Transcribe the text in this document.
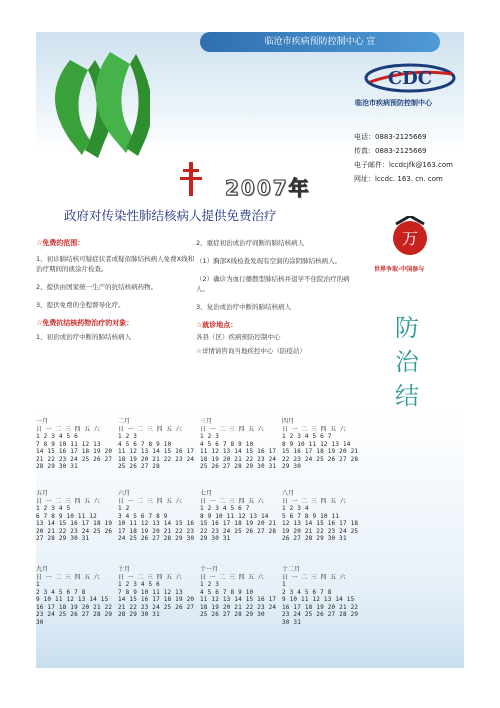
临沧市疾病预防控制中心 宣
CDC
临沧市疾病预防控制中心
电话：0883-2125669
传真：0883-2125669
电子邮件：lccdcjfk@163.com
网址：lccdc. 163. cn. com
2007年
政府对传染性肺结核病人提供免费治疗
☆免费的范围：
1、初诊肺结核可疑症状者或疑似肺结核病人免费X线和治疗期间的痰涂片检查。
2、提供由国家统一生产的抗结核病药物。
3、提供免费的全程督导化疗。
☆免费抗结核药物治疗的对象：
1、初治或治疗中断的肺结核病人
2、重症初治或治疗间断的肺结核病人
（1）胸部X线检查发现有空洞的涂阴肺结核病人。
（2）确诊为血行播散型肺结核并退学不住院治疗的病人。
3、复治或治疗中断的肺结核病人
☆就诊地点：
各县（区）疾病预防控制中心
☆详情请咨询当地疾控中心（防疫站）
万
世界争取·中国参与
防
治
结
一月
日 一 二 三 四 五 六
1 2 3 4 5 6
7 8 9 10 11 12 13
14 15 16 17 18 19 20
21 22 23 24 25 26 27
28 29 30 31
二月
日 一 二 三 四 五 六
1 2 3
4 5 6 7 8 9 10
11 12 13 14 15 16 17
18 19 20 21 22 23 24
25 26 27 28
三月
日 一 二 三 四 五 六
1 2 3
4 5 6 7 8 9 10
11 12 13 14 15 16 17
18 19 20 21 22 23 24
25 26 27 28 29 30 31
四月
日 一 二 三 四 五 六
1 2 3 4 5 6 7
8 9 10 11 12 13 14
15 16 17 18 19 20 21
22 23 24 25 26 27 28
29 30
五月
日 一 二 三 四 五 六
1 2 3 4 5
6 7 8 9 10 11 12
13 14 15 16 17 18 19
20 21 22 23 24 25 26
27 28 29 30 31
六月
日 一 二 三 四 五 六
1 2
3 4 5 6 7 8 9
10 11 12 13 14 15 16
17 18 19 20 21 22 23
24 25 26 27 28 29 30
七月
日 一 二 三 四 五 六
1 2 3 4 5 6 7
8 9 10 11 12 13 14
15 16 17 18 19 20 21
22 23 24 25 26 27 28
29 30 31
八月
日 一 二 三 四 五 六
1 2 3 4
5 6 7 8 9 10 11
12 13 14 15 16 17 18
19 20 21 22 23 24 25
26 27 28 29 30 31
九月
日 一 二 三 四 五 六
1
2 3 4 5 6 7 8
9 10 11 12 13 14 15
16 17 18 19 20 21 22
23 24 25 26 27 28 29
30
十月
日 一 二 三 四 五 六
1 2 3 4 5 6
7 8 9 10 11 12 13
14 15 16 17 18 19 20
21 22 23 24 25 26 27
28 29 30 31
十一月
日 一 二 三 四 五 六
1 2 3
4 5 6 7 8 9 10
11 12 13 14 15 16 17
18 19 20 21 22 23 24
25 26 27 28 29 30
十二月
日 一 二 三 四 五 六
1
2 3 4 5 6 7 8
9 10 11 12 13 14 15
16 17 18 19 20 21 22
23 24 25 26 27 28 29
30 31
